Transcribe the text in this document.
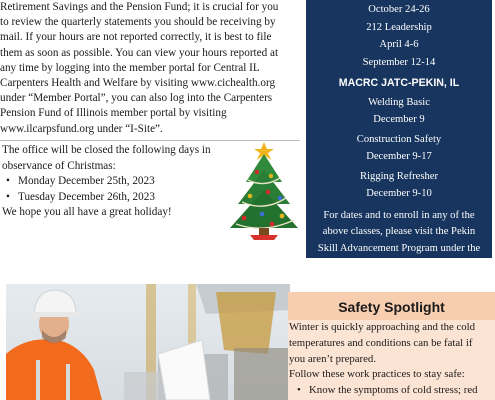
Retirement Savings and the Pension Fund; it is crucial for you

to review the quarterly statements you should be receiving by

mail. If your hours are not reported correctly, it is best to file

them as soon as possible. You can view your hours reported at

any time by logging into the member portal for Central IL

Carpenters Health and Welfare by visiting www.cichealth.org

under “Member Portal”, you can also log into the Carpenters

Pension Fund of Illinois member portal by visiting

www.ilcarpsfund.org under “I-Site”.

The office will be closed the following days in

observance of Christmas:

• Monday December 25th, 2023
• Tuesday December 26th, 2023

We hope you all have a great holiday!

October 24-26
212 Leadership
April 4-6
September 12-14
MACRC JATC-PEKIN, IL
Welding Basic
December 9
Construction Safety
December 9-17
Rigging Refresher
December 9-10
For dates and to enroll in any of the
above classes, please visit the Pekin
Skill Advancement Program under the
Skill Advancement tab at:
mactc.org
Safety Spotlight

Winter is quickly approaching and the cold

temperatures and conditions can be fatal if

you aren’t prepared.

Follow these work practices to stay safe:

• Know the symptoms of cold stress; red
